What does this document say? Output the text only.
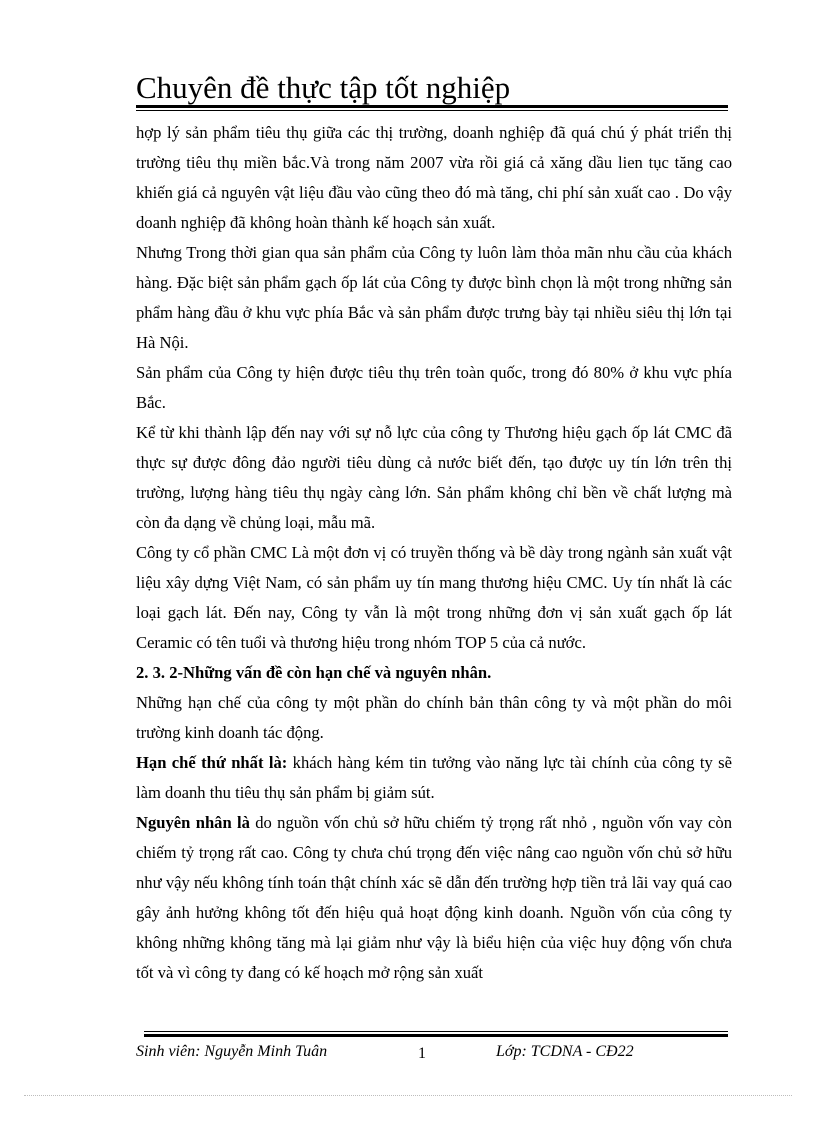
Chuyên đề thực tập tốt nghiệp

hợp lý sản phẩm tiêu thụ giữa các thị trường, doanh nghiệp đã quá chú ý phát triển thị trường tiêu thụ miền bắc.Và trong năm 2007 vừa rồi giá cả xăng dầu lien tục tăng cao khiến giá cả nguyên vật liệu đầu vào cũng theo đó mà tăng, chi phí sản xuất cao . Do vậy doanh nghiệp đã không hoàn thành kế hoạch sản xuất.

Nhưng Trong thời gian qua sản phẩm của Công ty luôn làm thỏa mãn nhu cầu của khách hàng. Đặc biệt sản phẩm gạch ốp lát của Công ty được bình chọn là một trong những sản phẩm hàng đầu ở khu vực phía Bắc và sản phẩm được trưng bày tại nhiều siêu thị lớn tại Hà Nội.

Sản phẩm của Công ty hiện được tiêu thụ trên toàn quốc, trong đó 80% ở khu vực phía Bắc.

Kể từ khi thành lập đến nay với sự nỗ lực của công ty Thương hiệu gạch ốp lát CMC đã thực sự được đông đảo người tiêu dùng cả nước biết đến, tạo được uy tín lớn trên thị trường, lượng hàng tiêu thụ ngày càng lớn. Sản phẩm không chỉ bền về chất lượng mà còn đa dạng về chủng loại, mẫu mã.

Công ty cổ phần CMC Là một đơn vị có truyền thống và bề dày trong ngành sản xuất vật liệu xây dựng Việt Nam, có sản phẩm uy tín mang thương hiệu CMC. Uy tín nhất là các loại gạch lát. Đến nay, Công ty vẫn là một trong những đơn vị sản xuất gạch ốp lát Ceramic có tên tuổi và thương hiệu trong nhóm TOP 5 của cả nước.

2. 3. 2-Những vấn đề còn hạn chế và nguyên nhân.

Những hạn chế của công ty một phần do chính bản thân công ty và một phần do môi trường kinh doanh tác động.

Hạn chế thứ nhất là: khách hàng kém tin tưởng vào năng lực tài chính của công ty sẽ làm doanh thu tiêu thụ sản phẩm bị giảm sút.

Nguyên nhân là do nguồn vốn chủ sở hữu chiếm tỷ trọng rất nhỏ , nguồn vốn vay còn chiếm tỷ trọng rất cao. Công ty chưa chú trọng đến việc nâng cao nguồn vốn chủ sở hữu như vậy nếu không tính toán thật chính xác sẽ dẫn đến trường hợp tiền trả lãi vay quá cao gây ảnh hưởng không tốt đến hiệu quả hoạt động kinh doanh. Nguồn vốn của công ty không những không tăng mà lại giảm như vậy là biểu hiện của việc huy động vốn chưa tốt và vì công ty đang có kế hoạch mở rộng sản xuất

Sinh viên: Nguyễn Minh Tuân	1	Lớp: TCDNA - CĐ22
